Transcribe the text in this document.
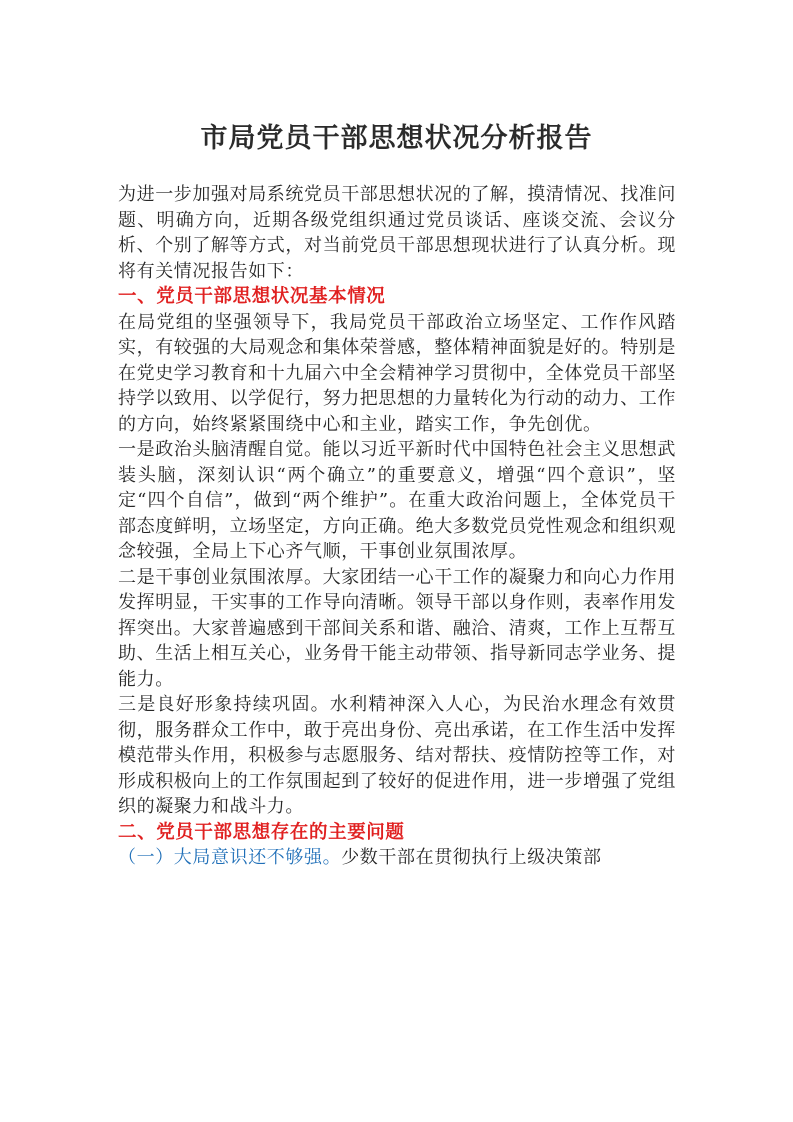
市局党员干部思想状况分析报告

为进一步加强对局系统党员干部思想状况的了解，摸清情况、找准问题、明确方向，近期各级党组织通过党员谈话、座谈交流、会议分析、个别了解等方式，对当前党员干部思想现状进行了认真分析。现将有关情况报告如下：

一、党员干部思想状况基本情况

在局党组的坚强领导下，我局党员干部政治立场坚定、工作作风踏实，有较强的大局观念和集体荣誉感，整体精神面貌是好的。特别是在党史学习教育和十九届六中全会精神学习贯彻中，全体党员干部坚持学以致用、以学促行，努力把思想的力量转化为行动的动力、工作的方向，始终紧紧围绕中心和主业，踏实工作，争先创优。

一是政治头脑清醒自觉。能以习近平新时代中国特色社会主义思想武装头脑，深刻认识“两个确立”的重要意义，增强“四个意识”，坚定“四个自信”，做到“两个维护”。在重大政治问题上，全体党员干部态度鲜明，立场坚定，方向正确。绝大多数党员党性观念和组织观念较强，全局上下心齐气顺，干事创业氛围浓厚。

二是干事创业氛围浓厚。大家团结一心干工作的凝聚力和向心力作用发挥明显，干实事的工作导向清晰。领导干部以身作则，表率作用发挥突出。大家普遍感到干部间关系和谐、融洽、清爽，工作上互帮互助、生活上相互关心，业务骨干能主动带领、指导新同志学业务、提能力。

三是良好形象持续巩固。水利精神深入人心，为民治水理念有效贯彻，服务群众工作中，敢于亮出身份、亮出承诺，在工作生活中发挥模范带头作用，积极参与志愿服务、结对帮扶、疫情防控等工作，对形成积极向上的工作氛围起到了较好的促进作用，进一步增强了党组织的凝聚力和战斗力。

二、党员干部思想存在的主要问题

（一）大局意识还不够强。少数干部在贯彻执行上级决策部
